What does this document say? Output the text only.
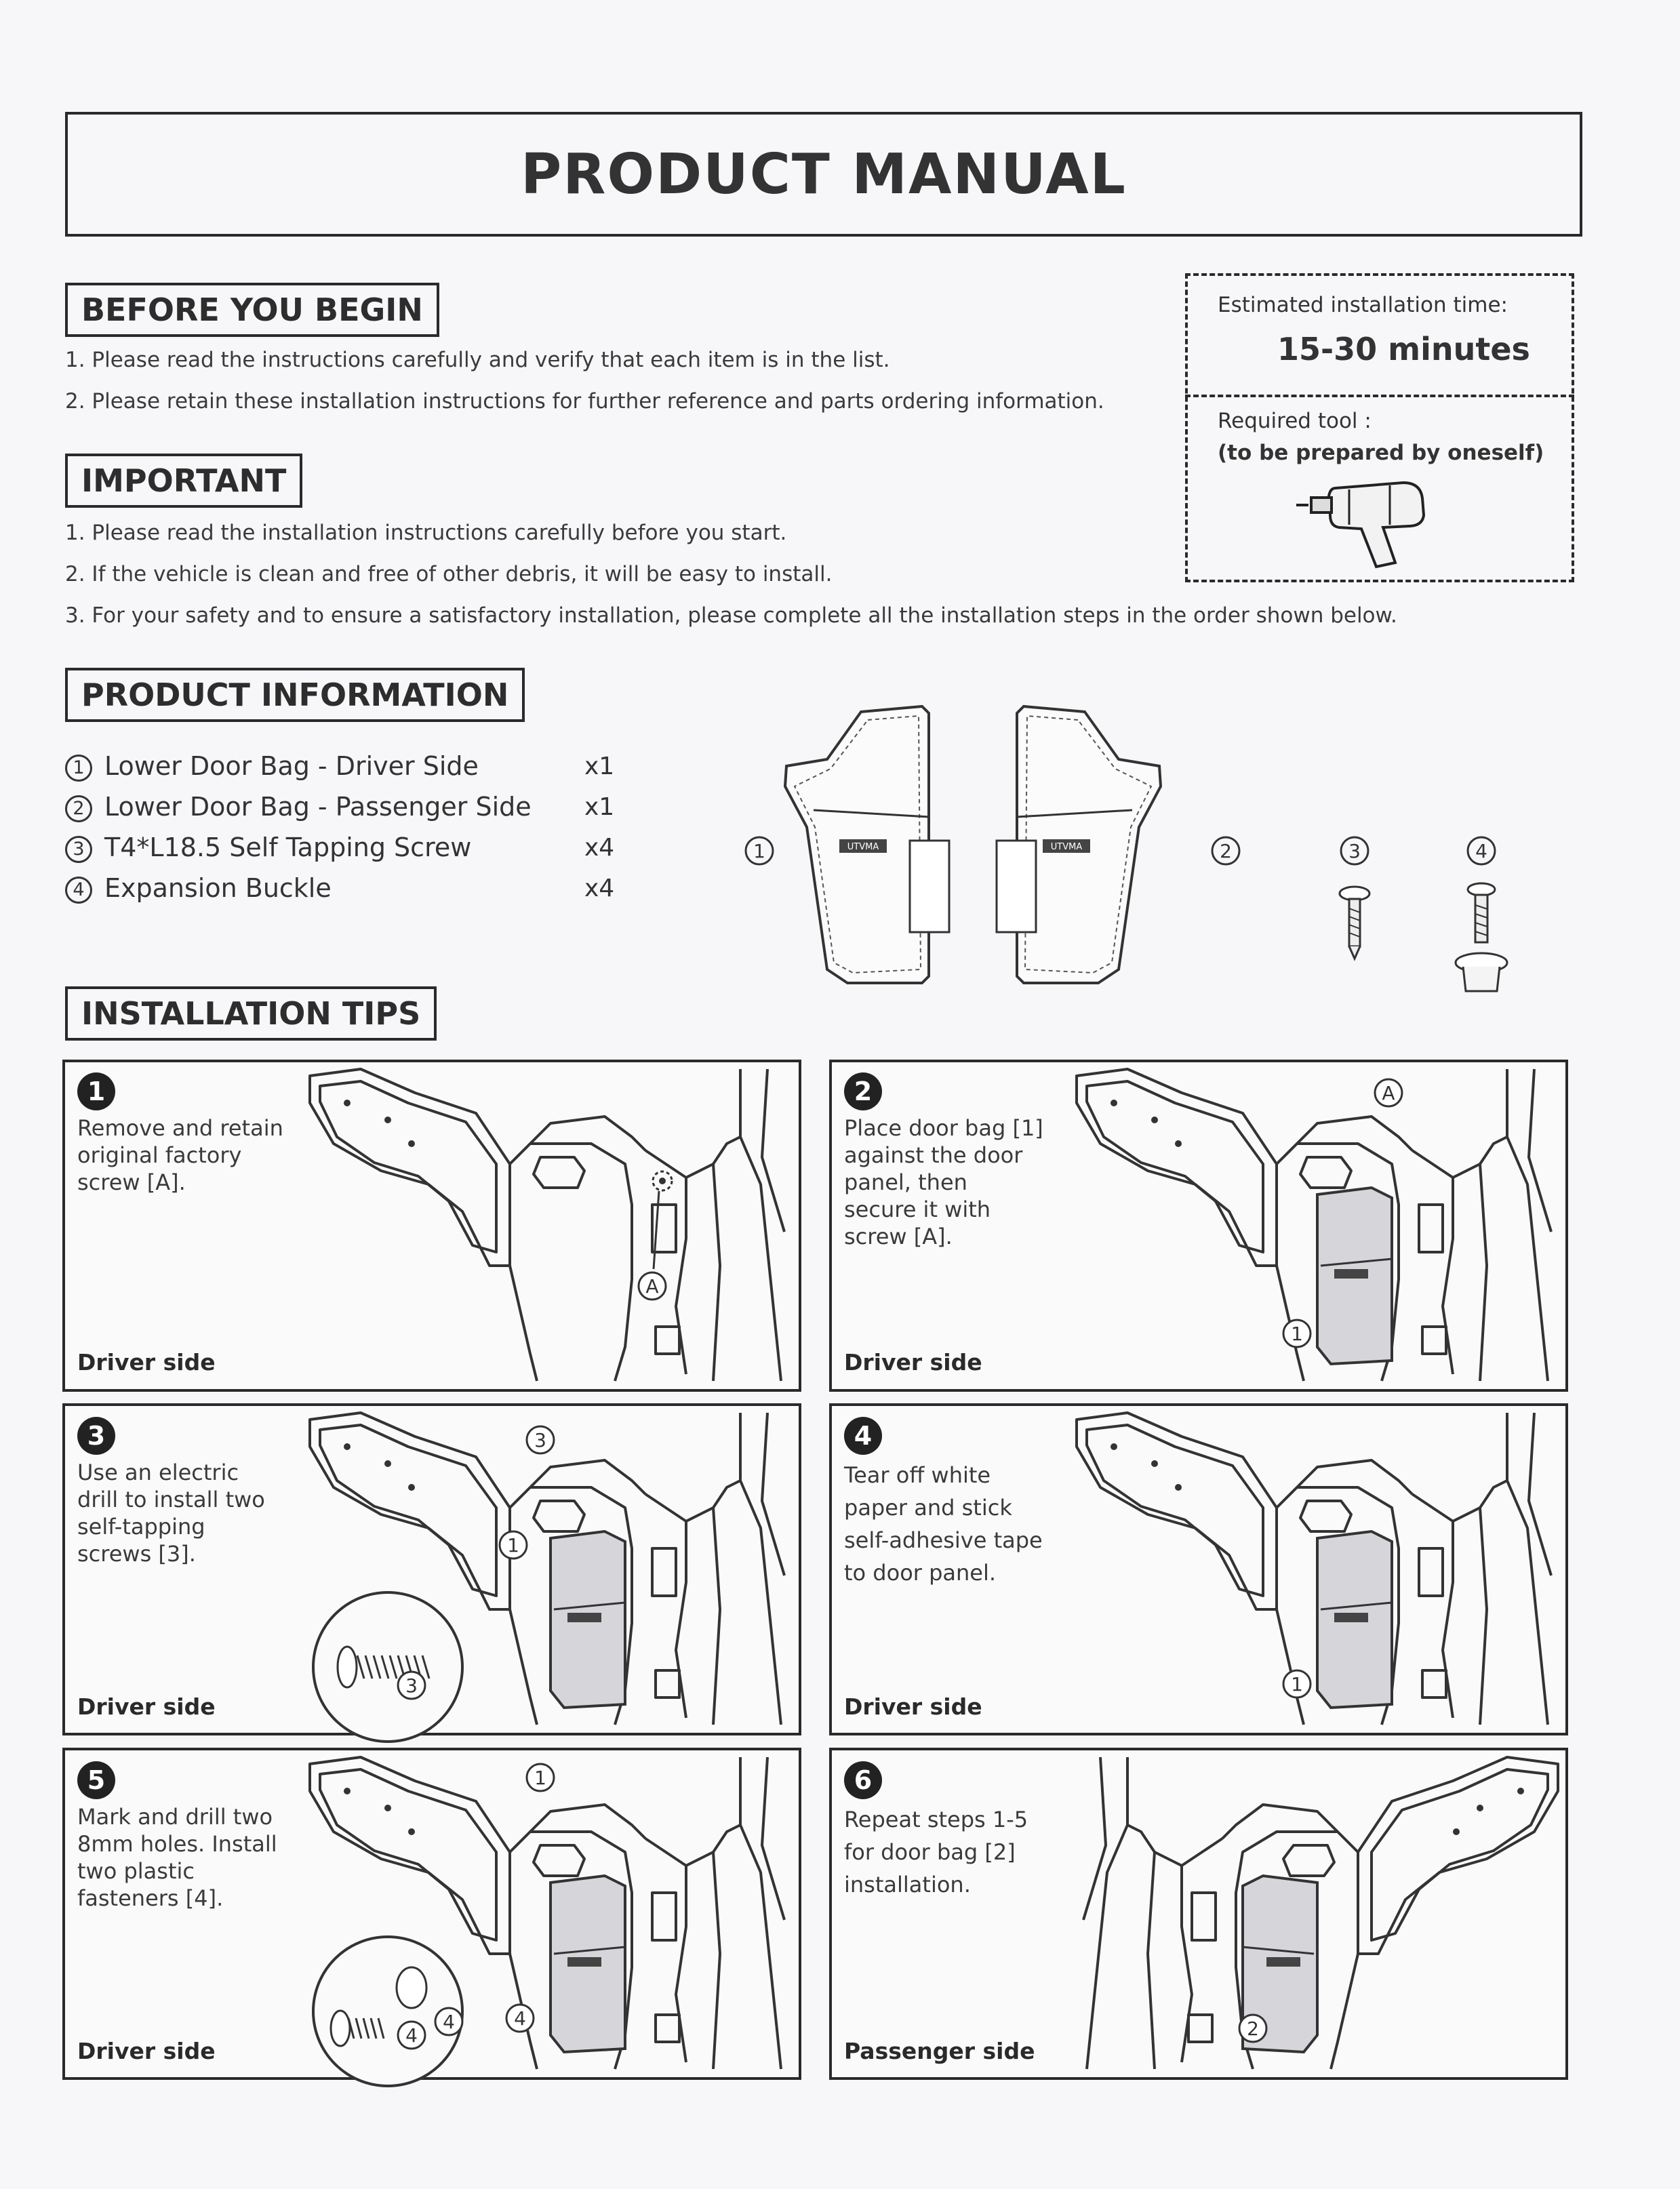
PRODUCT MANUAL
BEFORE YOU BEGIN
1. Please read the instructions carefully and verify that each item is in the list.
2. Please retain these installation instructions for further reference and parts ordering information.
IMPORTANT
1. Please read the installation instructions carefully before you start.
2. If the vehicle is clean and free of other debris, it will be easy to install.
3. For your safety and to ensure a satisfactory installation, please complete all the installation steps in the order shown below.
Estimated installation time:
15-30 minutes
Required tool :
(to be prepared by oneself)
PRODUCT INFORMATION
1 Lower Door Bag - Driver Side	x1
2 Lower Door Bag - Passenger Side x1
3 T4*L18.5 Self Tapping Screw	x4
4 Expansion Buckle	x4
UTVMA	UTVMA
1	2	3	4
INSTALLATION TIPS
1
Remove and retain
original factory
screw [A].
Driver side
2
Place door bag [1]
against the door
panel, then
secure it with
screw [A].
Driver side
3
Use an electric
drill to install two
self-tapping
screws [3].
Driver side
4
Tear off white
paper and stick
self-adhesive tape
to door panel.
Driver side
5
Mark and drill two
8mm holes. Install
two plastic
fasteners [4].
Driver side
6
Repeat steps 1-5
for door bag [2]
installation.
Passenger side
A
A
1
3
3
1
1
1
4
4	4	2
